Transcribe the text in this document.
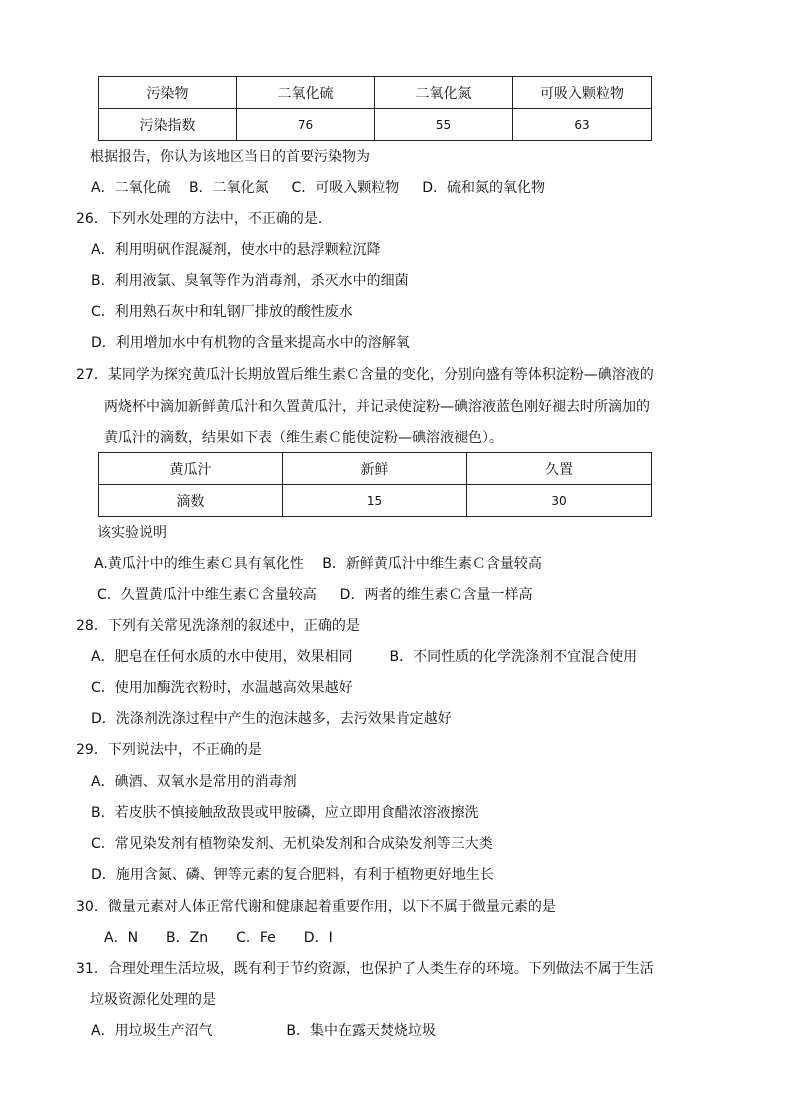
污染物	二氧化硫	二氧化氮	可吸入颗粒物
污染指数	76	55	63
根据报告，你认为该地区当日的首要污染物为
A．二氧化硫　 B．二氧化氮 　 C．可吸入颗粒物 　 D．硫和氮的氧化物
26．下列水处理的方法中，不正确的是．
A．利用明矾作混凝剂，使水中的悬浮颗粒沉降
B．利用液氯、臭氧等作为消毒剂，杀灭水中的细菌
C．利用熟石灰中和轧钢厂排放的酸性废水
D．利用增加水中有机物的含量来提高水中的溶解氧
27．某同学为探究黄瓜汁长期放置后维生素Ｃ含量的变化，分别向盛有等体积淀粉—碘溶液的
两烧杯中滴加新鲜黄瓜汁和久置黄瓜汁，并记录使淀粉—碘溶液蓝色刚好褪去时所滴加的
黄瓜汁的滴数，结果如下表（维生素Ｃ能使淀粉—碘溶液褪色）。
黄瓜汁	新鲜	久置
滴数	15	30
该实验说明
A.黄瓜汁中的维生素Ｃ具有氧化性　 B．新鲜黄瓜汁中维生素Ｃ含量较高
C．久置黄瓜汁中维生素Ｃ含量较高 　 D．两者的维生素Ｃ含量一样高
28．下列有关常见洗涤剂的叙述中，正确的是
A．肥皂在任何水质的水中使用，效果相同　 　 B．不同性质的化学洗涤剂不宜混合使用
C．使用加酶洗衣粉时，水温越高效果越好
D．洗涤剂洗涤过程中产生的泡沫越多，去污效果肯定越好
29．下列说法中，不正确的是
A．碘酒、双氧水是常用的消毒剂
B．若皮肤不慎接触敌敌畏或甲胺磷，应立即用食醋浓溶液擦洗
C．常见染发剂有植物染发剂、无机染发剂和合成染发剂等三大类
D．施用含氮、磷、钾等元素的复合肥料，有利于植物更好地生长
30．微量元素对人体正常代谢和健康起着重要作用，以下不属于微量元素的是
A．N　　B．Zn　　C．Fe　　D．I
31．合理处理生活垃圾，既有利于节约资源，也保护了人类生存的环境。下列做法不属于生活
垃圾资源化处理的是
A．用垃圾生产沼气　 　 　 　 B．集中在露天焚烧垃圾
